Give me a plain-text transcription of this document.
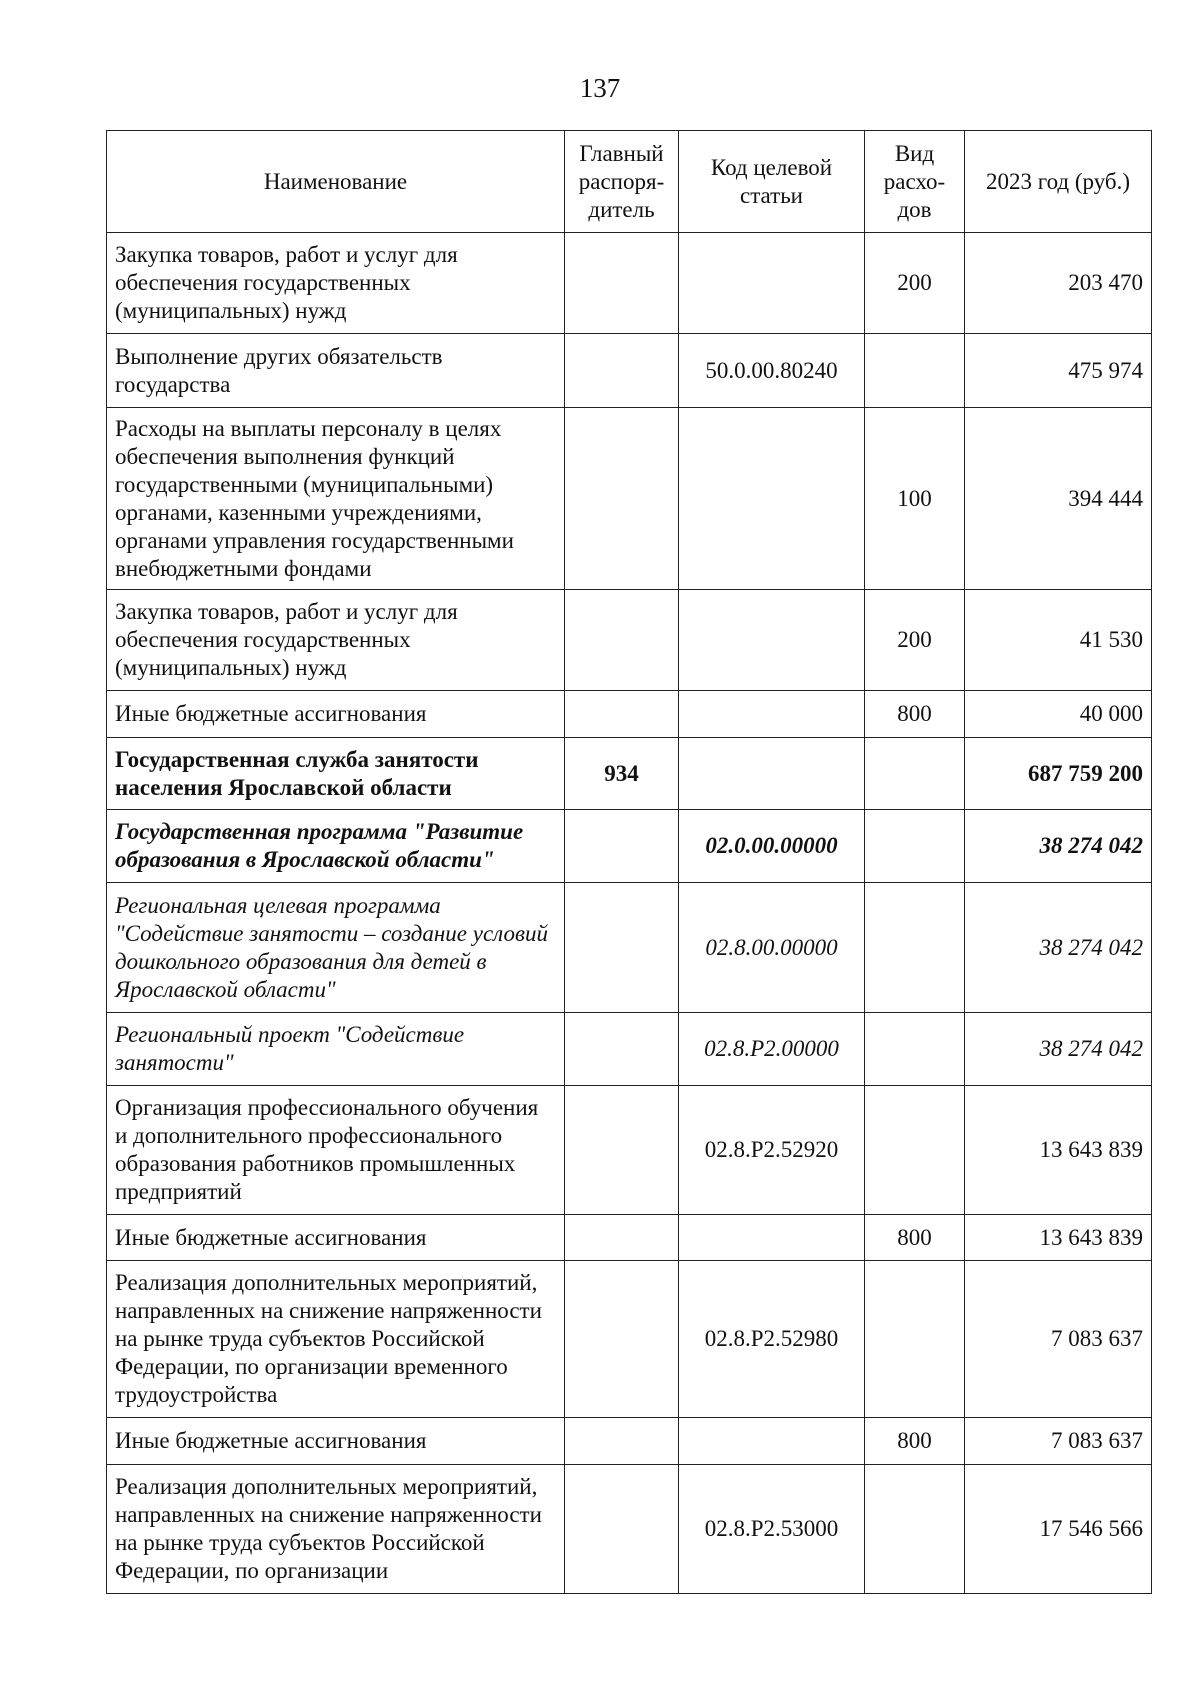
137
Наименование	Главный распоря-дитель	Код целевой статьи	Вид расхо-дов	2023 год (руб.)
Закупка товаров, работ и услуг для обеспечения государственных (муниципальных) нужд			200	203 470
Выполнение других обязательств государства		50.0.00.80240		475 974
Расходы на выплаты персоналу в целях обеспечения выполнения функций государственными (муниципальными) органами, казенными учреждениями, органами управления государственными внебюджетными фондами			100	394 444
Закупка товаров, работ и услуг для обеспечения государственных (муниципальных) нужд			200	41 530
Иные бюджетные ассигнования			800	40 000
Государственная служба занятости населения Ярославской области	934			687 759 200
Государственная программа "Развитие образования в Ярославской области"		02.0.00.00000		38 274 042
Региональная целевая программа "Содействие занятости – создание условий дошкольного образования для детей в Ярославской области"		02.8.00.00000		38 274 042
Региональный проект "Содействие занятости"		02.8.P2.00000		38 274 042
Организация профессионального обучения и дополнительного профессионального образования работников промышленных предприятий		02.8.P2.52920		13 643 839
Иные бюджетные ассигнования			800	13 643 839
Реализация дополнительных мероприятий, направленных на снижение напряженности на рынке труда субъектов Российской Федерации, по организации временного трудоустройства		02.8.P2.52980		7 083 637
Иные бюджетные ассигнования			800	7 083 637
Реализация дополнительных мероприятий, направленных на снижение напряженности на рынке труда субъектов Российской Федерации, по организации		02.8.P2.53000		17 546 566
